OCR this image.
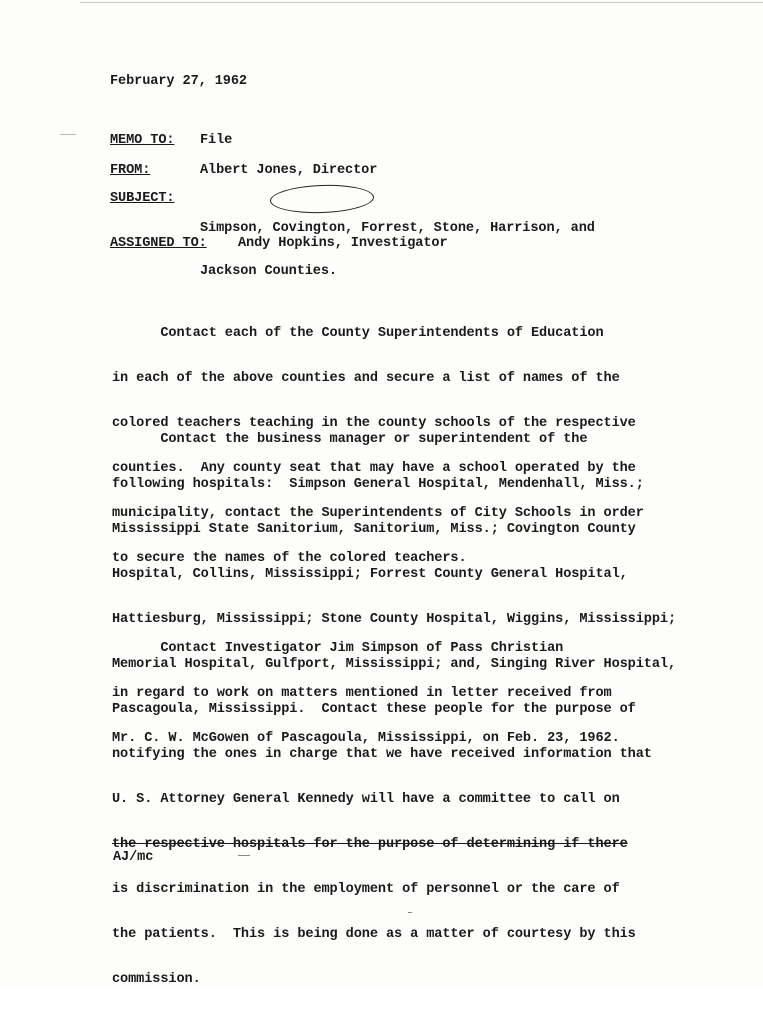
February 27, 1962
MEMO TO:	File
FROM:	Albert Jones, Director
SUBJECT:

Simpson, Covington, Forrest, Stone, Harrison, and

Jackson Counties.

ASSIGNED TO:	Andy Hopkins, Investigator

Contact each of the County Superintendents of Education

in each of the above counties and secure a list of names of the

colored teachers teaching in the county schools of the respective

counties.  Any county seat that may have a school operated by the

municipality, contact the Superintendents of City Schools in order

to secure the names of the colored teachers.

Contact the business manager or superintendent of the

following hospitals:  Simpson General Hospital, Mendenhall, Miss.;

Mississippi State Sanitorium, Sanitorium, Miss.; Covington County

Hospital, Collins, Mississippi; Forrest County General Hospital,

Hattiesburg, Mississippi; Stone County Hospital, Wiggins, Mississippi;

Memorial Hospital, Gulfport, Mississippi; and, Singing River Hospital,

Pascagoula, Mississippi.  Contact these people for the purpose of

notifying the ones in charge that we have received information that

U. S. Attorney General Kennedy will have a committee to call on

the respective hospitals for the purpose of determining if there

is discrimination in the employment of personnel or the care of

the patients.  This is being done as a matter of courtesy by this

commission.

Contact Investigator Jim Simpson of Pass Christian

in regard to work on matters mentioned in letter received from

Mr. C. W. McGowen of Pascagoula, Mississippi, on Feb. 23, 1962.

AJ/mc
